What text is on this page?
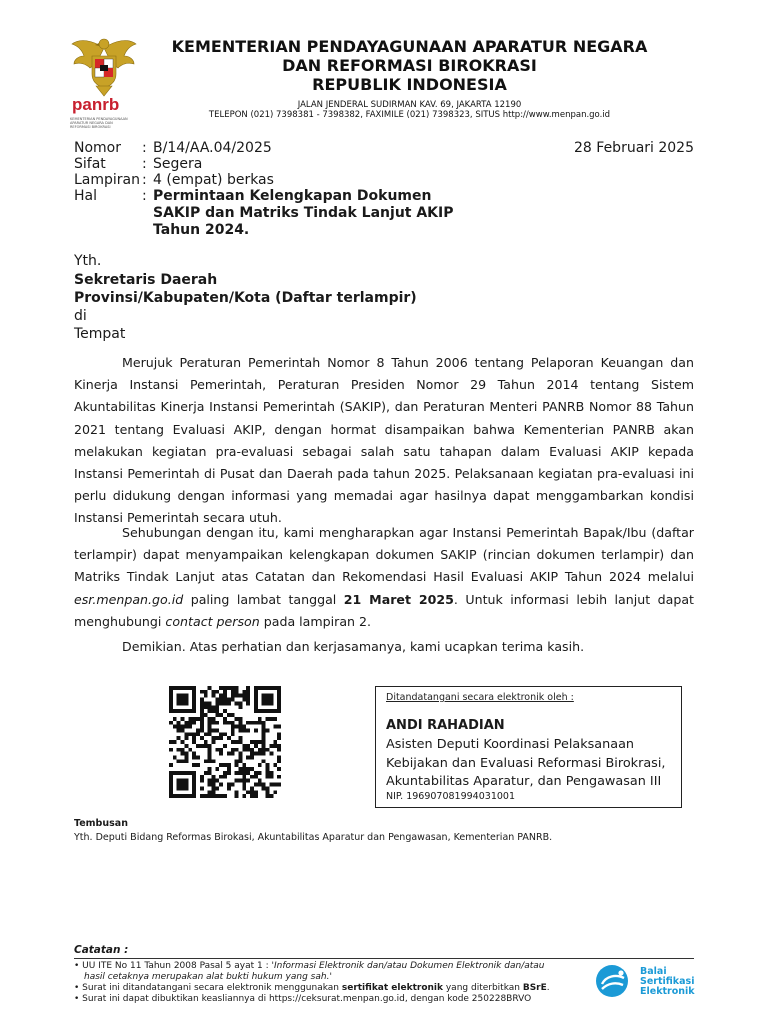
panrb
KEMENTERIAN PENDAYAGUNAAN APARATUR NEGARA DAN REFORMASI BIROKRASI
KEMENTERIAN PENDAYAGUNAAN APARATUR NEGARA
DAN REFORMASI BIROKRASI
REPUBLIK INDONESIA
JALAN JENDERAL SUDIRMAN KAV. 69, JAKARTA 12190
TELEPON (021) 7398381 - 7398382, FAXIMILE (021) 7398323, SITUS http://www.menpan.go.id
Nomor : B/14/AA.04/2025	28 Februari 2025
Sifat	: Segera
Lampiran : 4 (empat) berkas
Hal	: Permintaan Kelengkapan Dokumen
SAKIP dan Matriks Tindak Lanjut AKIP
Tahun 2024.
Yth.
Sekretaris Daerah
Provinsi/Kabupaten/Kota (Daftar terlampir)
di
Tempat
Merujuk Peraturan Pemerintah Nomor 8 Tahun 2006 tentang Pelaporan Keuangan dan Kinerja Instansi Pemerintah, Peraturan Presiden Nomor 29 Tahun 2014 tentang Sistem Akuntabilitas Kinerja Instansi Pemerintah (SAKIP), dan Peraturan Menteri PANRB Nomor 88 Tahun 2021 tentang Evaluasi AKIP, dengan hormat disampaikan bahwa Kementerian PANRB akan melakukan kegiatan pra-evaluasi sebagai salah satu tahapan dalam Evaluasi AKIP kepada Instansi Pemerintah di Pusat dan Daerah pada tahun 2025. Pelaksanaan kegiatan pra-evaluasi ini perlu didukung dengan informasi yang memadai agar hasilnya dapat menggambarkan kondisi Instansi Pemerintah secara utuh.
Sehubungan dengan itu, kami mengharapkan agar Instansi Pemerintah Bapak/Ibu (daftar terlampir) dapat menyampaikan kelengkapan dokumen SAKIP (rincian dokumen terlampir) dan Matriks Tindak Lanjut atas Catatan dan Rekomendasi Hasil Evaluasi AKIP Tahun 2024 melalui esr.menpan.go.id paling lambat tanggal 21 Maret 2025. Untuk informasi lebih lanjut dapat menghubungi contact person pada lampiran 2.
Demikian. Atas perhatian dan kerjasamanya, kami ucapkan terima kasih.
Ditandatangani secara elektronik oleh :
ANDI RAHADIAN
Asisten Deputi Koordinasi Pelaksanaan Kebijakan dan Evaluasi Reformasi Birokrasi, Akuntabilitas Aparatur, dan Pengawasan III
NIP. 196907081994031001
Tembusan
Yth. Deputi Bidang Reformas Birokasi, Akuntabilitas Aparatur dan Pengawasan, Kementerian PANRB.
Catatan :
• UU ITE No 11 Tahun 2008 Pasal 5 ayat 1 : 'Informasi Elektronik dan/atau Dokumen Elektronik dan/atau
hasil cetaknya merupakan alat bukti hukum yang sah.'
• Surat ini ditandatangani secara elektronik menggunakan sertifikat elektronik yang diterbitkan BSrE.
• Surat ini dapat dibuktikan keasliannya di https://ceksurat.menpan.go.id, dengan kode 250228BRVO
Balai
Sertifikasi
Elektronik
